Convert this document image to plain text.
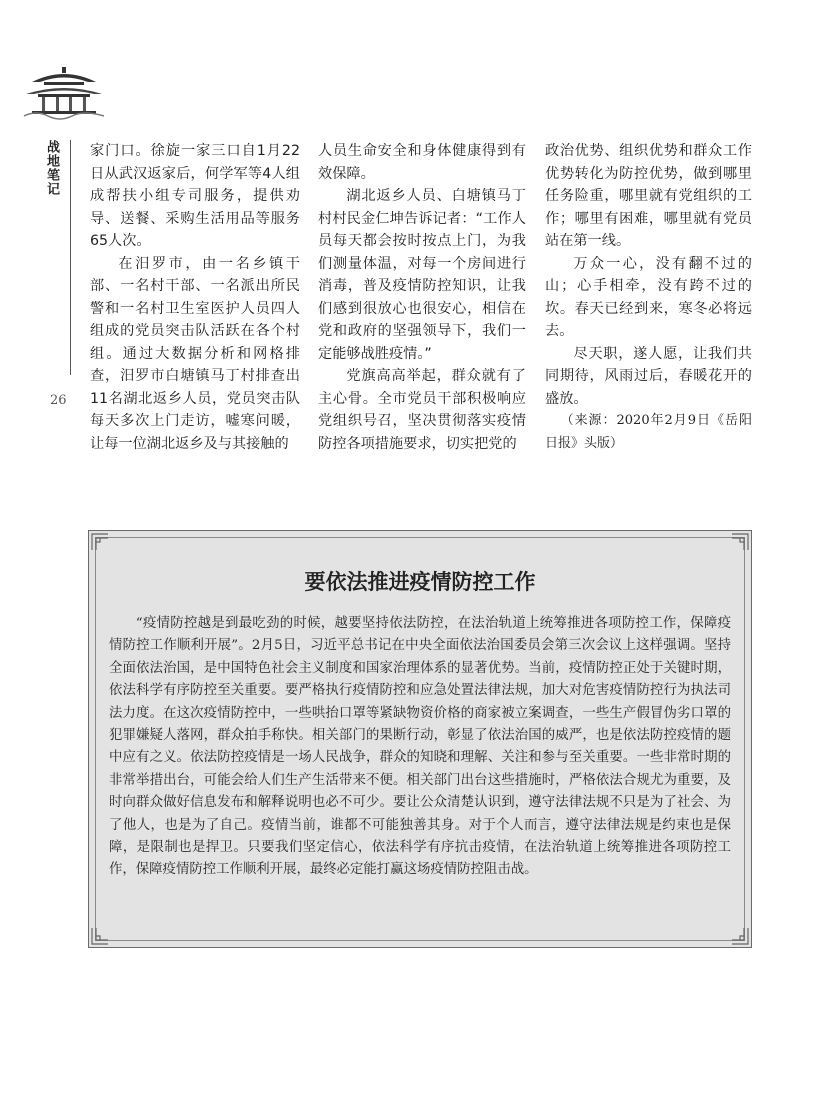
战地笔记
26

家门口。徐旋一家三口自1月22日从武汉返家后，何学军等4人组成帮扶小组专司服务，提供劝导、送餐、采购生活用品等服务65人次。

在汨罗市，由一名乡镇干部、一名村干部、一名派出所民警和一名村卫生室医护人员四人组成的党员突击队活跃在各个村组。通过大数据分析和网格排查，汨罗市白塘镇马丁村排查出11名湖北返乡人员，党员突击队每天多次上门走访，嘘寒问暖，让每一位湖北返乡及与其接触的

人员生命安全和身体健康得到有效保障。

湖北返乡人员、白塘镇马丁村村民金仁坤告诉记者：“工作人员每天都会按时按点上门，为我们测量体温，对每一个房间进行消毒，普及疫情防控知识，让我们感到很放心也很安心，相信在党和政府的坚强领导下，我们一定能够战胜疫情。”

党旗高高举起，群众就有了主心骨。全市党员干部积极响应党组织号召，坚决贯彻落实疫情防控各项措施要求，切实把党的

政治优势、组织优势和群众工作优势转化为防控优势，做到哪里任务险重，哪里就有党组织的工作；哪里有困难，哪里就有党员站在第一线。

万众一心，没有翻不过的山；心手相牵，没有跨不过的坎。春天已经到来，寒冬必将远去。

尽天职，遂人愿，让我们共同期待，风雨过后，春暖花开的盛放。

（来源：2020年2月9日《岳阳日报》头版）

要依法推进疫情防控工作
“疫情防控越是到最吃劲的时候，越要坚持依法防控，在法治轨道上统筹推进各项防控工作，保障疫情防控工作顺利开展”。2月5日，习近平总书记在中央全面依法治国委员会第三次会议上这样强调。坚持全面依法治国，是中国特色社会主义制度和国家治理体系的显著优势。当前，疫情防控正处于关键时期，依法科学有序防控至关重要。要严格执行疫情防控和应急处置法律法规，加大对危害疫情防控行为执法司法力度。在这次疫情防控中，一些哄抬口罩等紧缺物资价格的商家被立案调查，一些生产假冒伪劣口罩的犯罪嫌疑人落网，群众拍手称快。相关部门的果断行动，彰显了依法治国的威严，也是依法防控疫情的题中应有之义。依法防控疫情是一场人民战争，群众的知晓和理解、关注和参与至关重要。一些非常时期的非常举措出台，可能会给人们生产生活带来不便。相关部门出台这些措施时，严格依法合规尤为重要，及时向群众做好信息发布和解释说明也必不可少。要让公众清楚认识到，遵守法律法规不只是为了社会、为了他人，也是为了自己。疫情当前，谁都不可能独善其身。对于个人而言，遵守法律法规是约束也是保障，是限制也是捍卫。只要我们坚定信心，依法科学有序抗击疫情，在法治轨道上统筹推进各项防控工作，保障疫情防控工作顺利开展，最终必定能打赢这场疫情防控阻击战。
